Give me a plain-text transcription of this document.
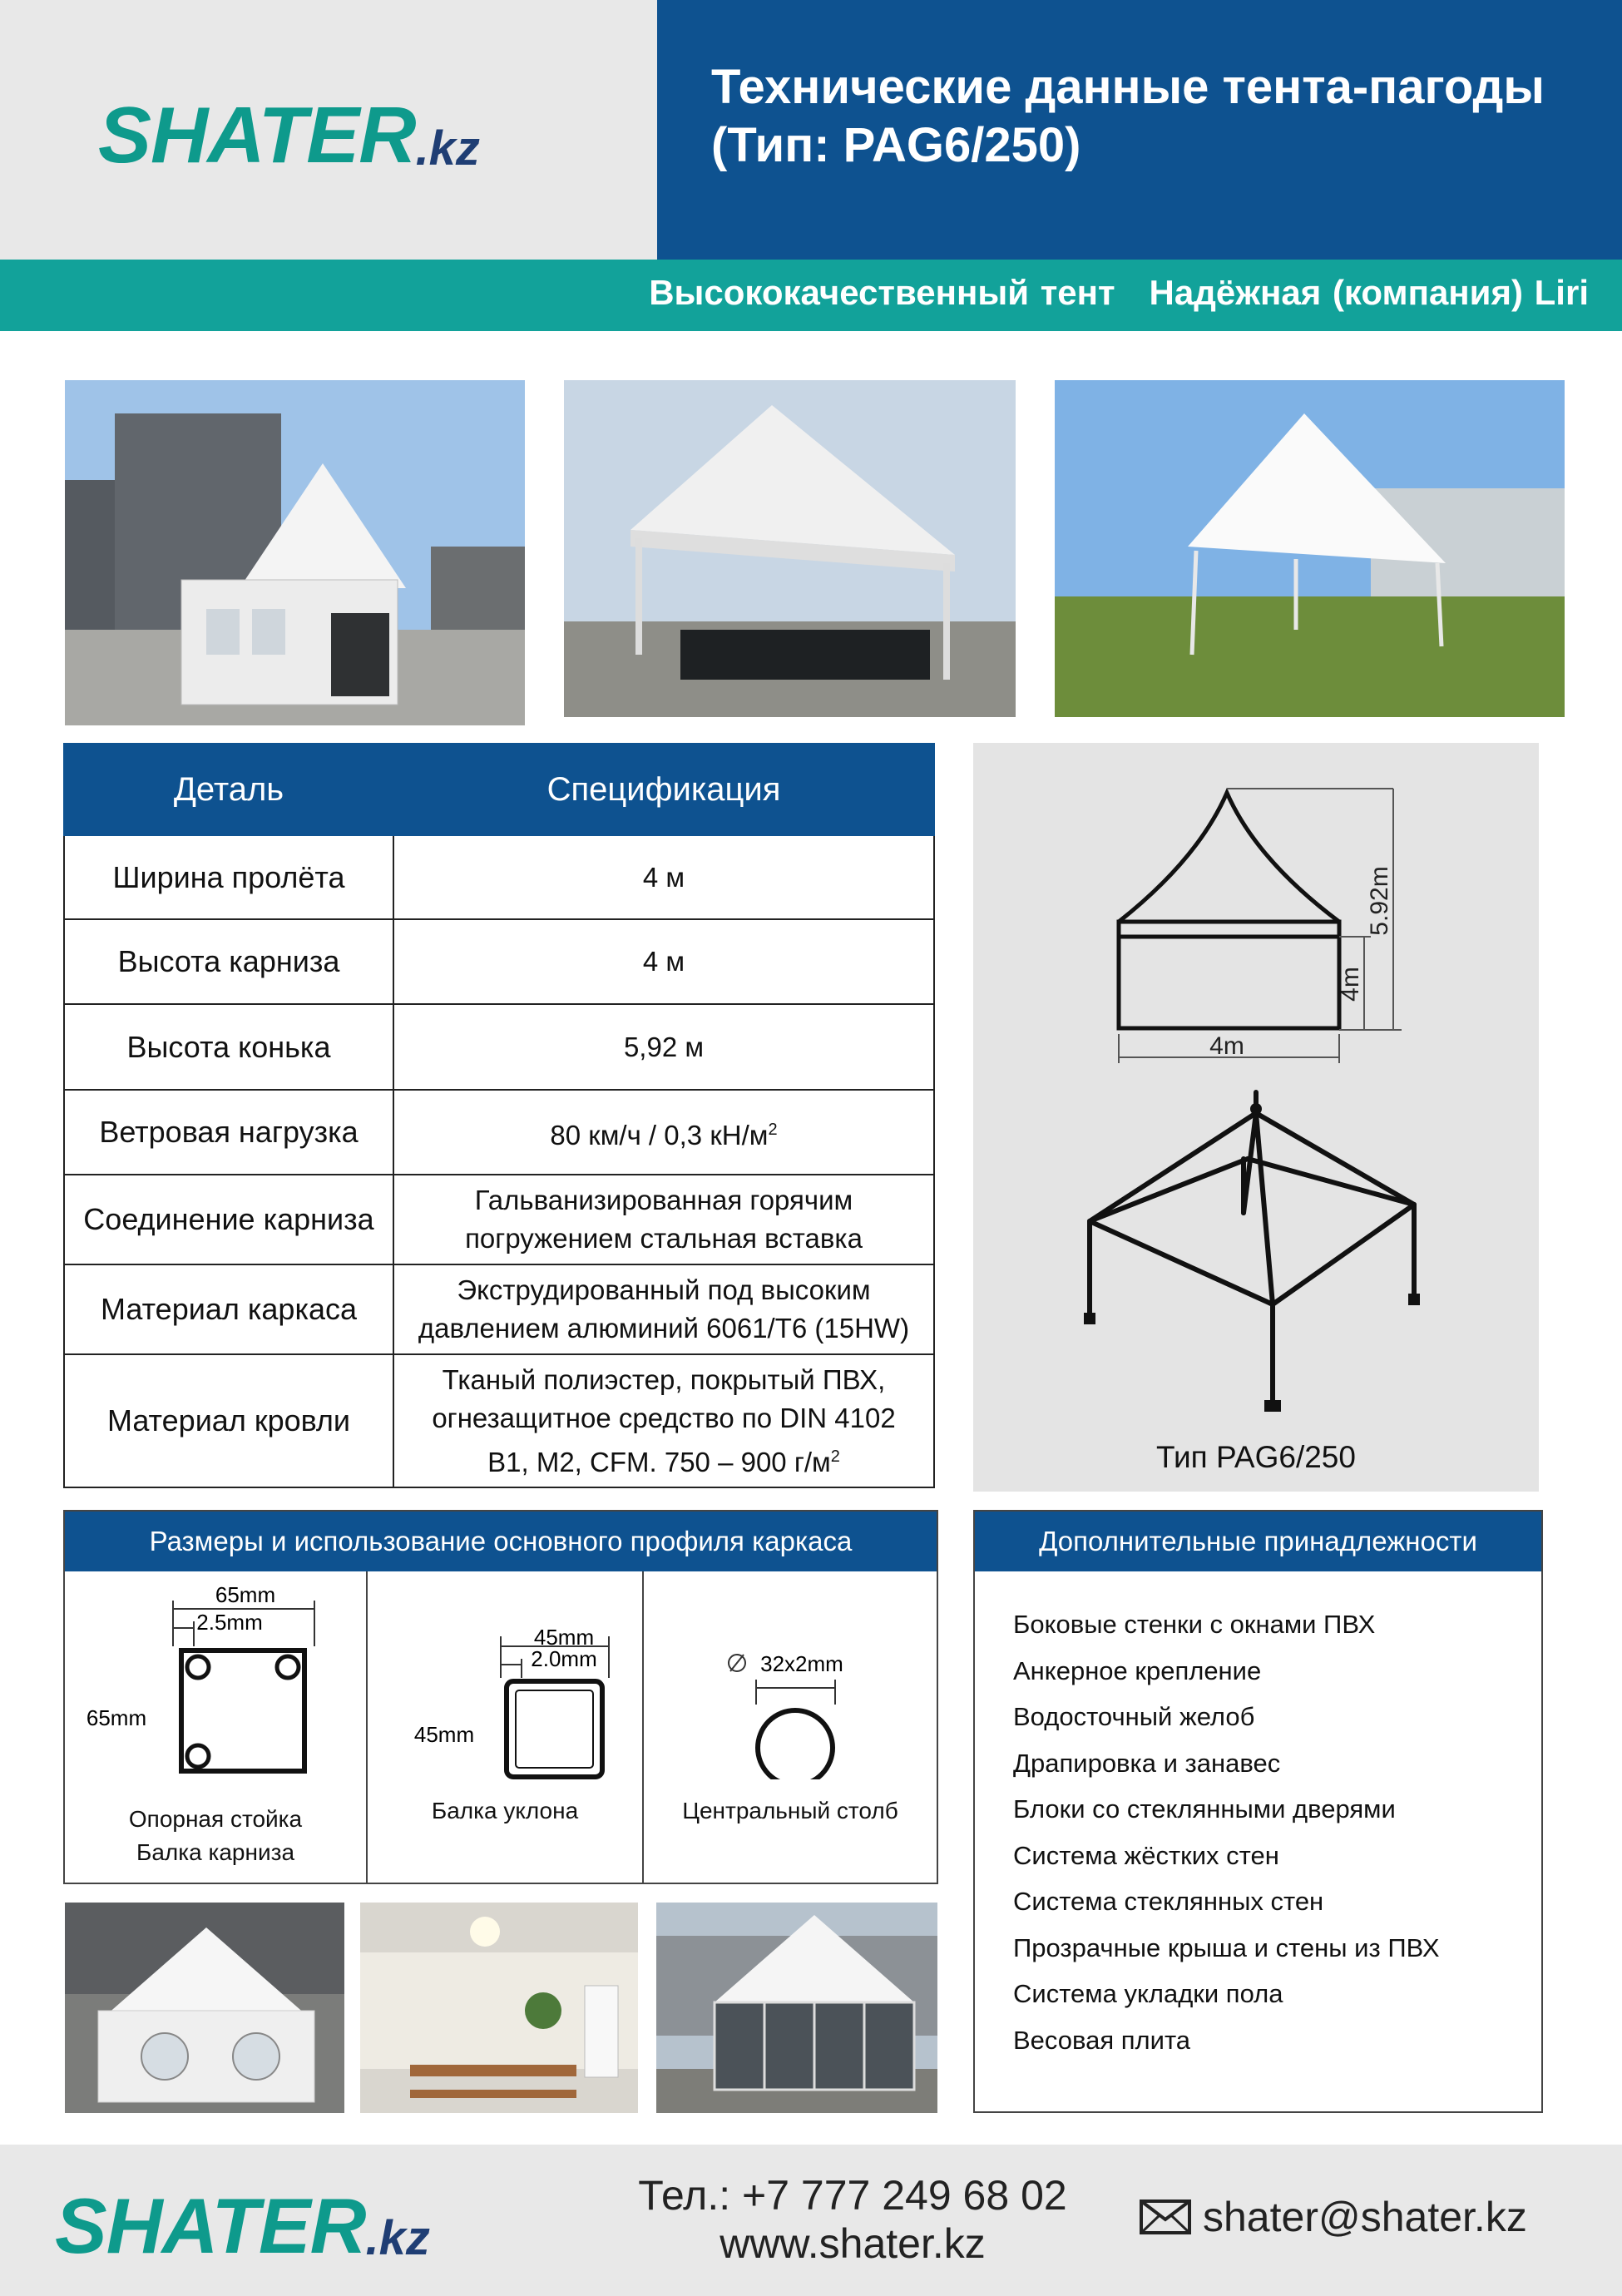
SHATER .kz
Технические данные тента-пагоды
(Тип: PAG6/250)
Высококачественный тент   Надёжная (компания) Liri
Деталь	Спецификация
Ширина пролёта	4 м
Высота карниза	4 м
Высота конька	5,92 м
Ветровая нагрузка	80 км/ч / 0,3 $кН/м^2$
Соединение карниза	Гальванизированная горячим
погружением стальная вставка

Материал каркаса	Экструдированный под высоким
давлением алюминий 6061/T6 (15HW)

Материал кровли	Тканый полиэстер, покрытый ПВХ,
огнезащитное средство по DIN 4102
B1, M2, CFM. 750 – 900 $г/м^2$
5.92m
4m
4m
Тип PAG6/250
Размеры и использование основного профиля каркаса
65mm
2.5mm
65mm
Опорная стойка
Балка карниза
45mm
2.0mm
45mm
Балка уклона
32x2mm
Центральный столб
Дополнительные принадлежности
Боковые стенки с окнами ПВХ
Анкерное крепление
Водосточный желоб
Драпировка и занавес
Блоки со стеклянными дверями
Система жёстких стен
Система стеклянных стен
Прозрачные крыша и стены из ПВХ
Система укладки пола
Весовая плита
SHATER .kz
Тел.: +7 777 249 68 02
www.shater.kz
shater@shater.kz
